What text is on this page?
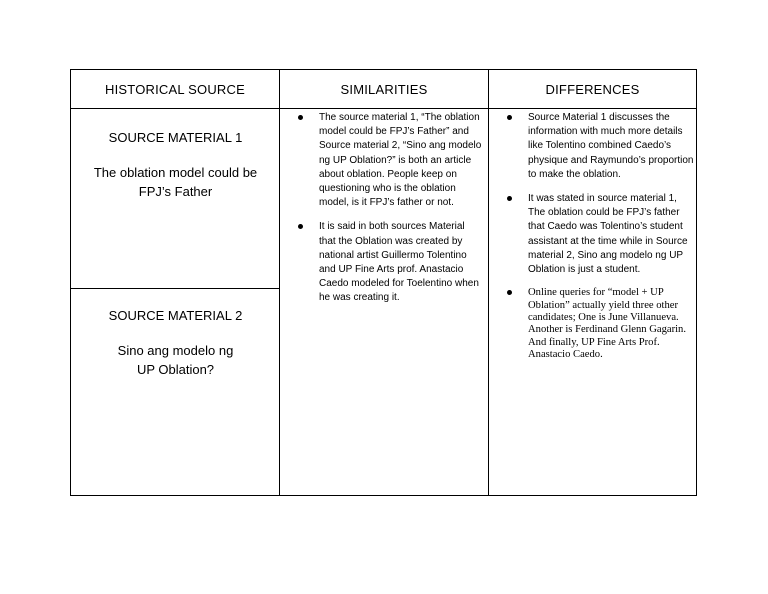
HISTORICAL SOURCE	SIMILARITIES	DIFFERENCES
SOURCE MATERIAL 1
The oblation model could be FPJ’s Father
SOURCE MATERIAL 2
Sino ang modelo ng UP Oblation?
The source material 1, “The oblation model could be FPJ’s Father” and Source material 2, “Sino ang modelo ng UP Oblation?” is both an article about oblation. People keep on questioning who is the oblation model, is it FPJ’s father or not.
It is said in both sources Material that the Oblation was created by national artist Guillermo Tolentino and UP Fine Arts prof. Anastacio Caedo modeled for Toelentino when he was creating it.
Source Material 1 discusses the information with much more details like Tolentino combined Caedo’s physique and Raymundo’s proportion to make the oblation.
It was stated in source material 1, The oblation could be FPJ’s father that Caedo was Tolentino’s student assistant at the time while in Source material 2, Sino ang modelo ng UP Oblation is just a student.
Online queries for “model + UP Oblation” actually yield three other candidates; One is June Villanueva. Another is Ferdinand Glenn Gagarin. And finally, UP Fine Arts Prof. Anastacio Caedo.
